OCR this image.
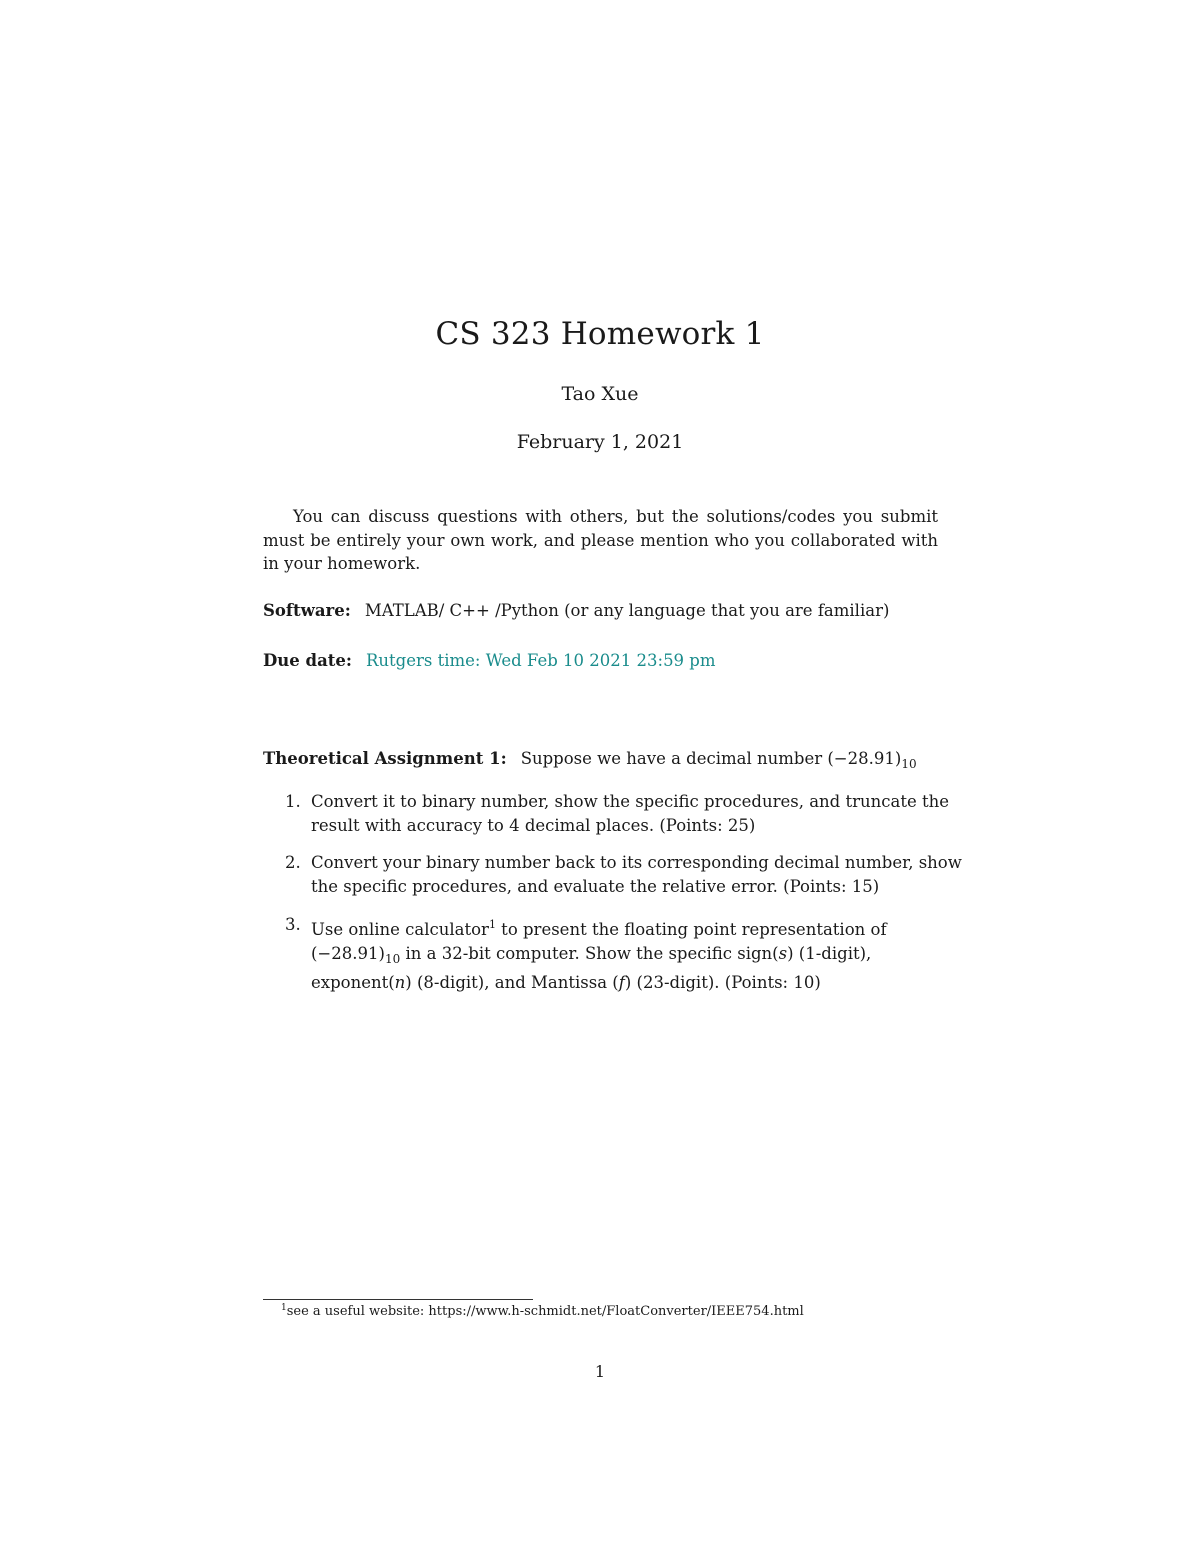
CS 323 Homework 1
Tao Xue
February 1, 2021
You can discuss questions with others, but the solutions/codes you submit must be entirely your own work, and please mention who you collaborated with in your homework.
Software: MATLAB/ C++ /Python (or any language that you are familiar)
Due date: Rutgers time: Wed Feb 10 2021 23:59 pm
Theoretical Assignment 1: Suppose we have a decimal number $(-28.91)_{10}$
1. Convert it to binary number, show the specific procedures, and truncate the result with accuracy to 4 decimal places. (Points: 25)
2. Convert your binary number back to its corresponding decimal number, show the specific procedures, and evaluate the relative error. (Points: 15)
3. Use online calculator$^1$ to present the floating point representation of $(-28.91)_{10}$ in a 32-bit computer. Show the specific sign(s) (1-digit), exponent(n) (8-digit), and Mantissa (f) (23-digit). (Points: 10)
$^1$see a useful website: https://www.h-schmidt.net/FloatConverter/IEEE754.html
1
